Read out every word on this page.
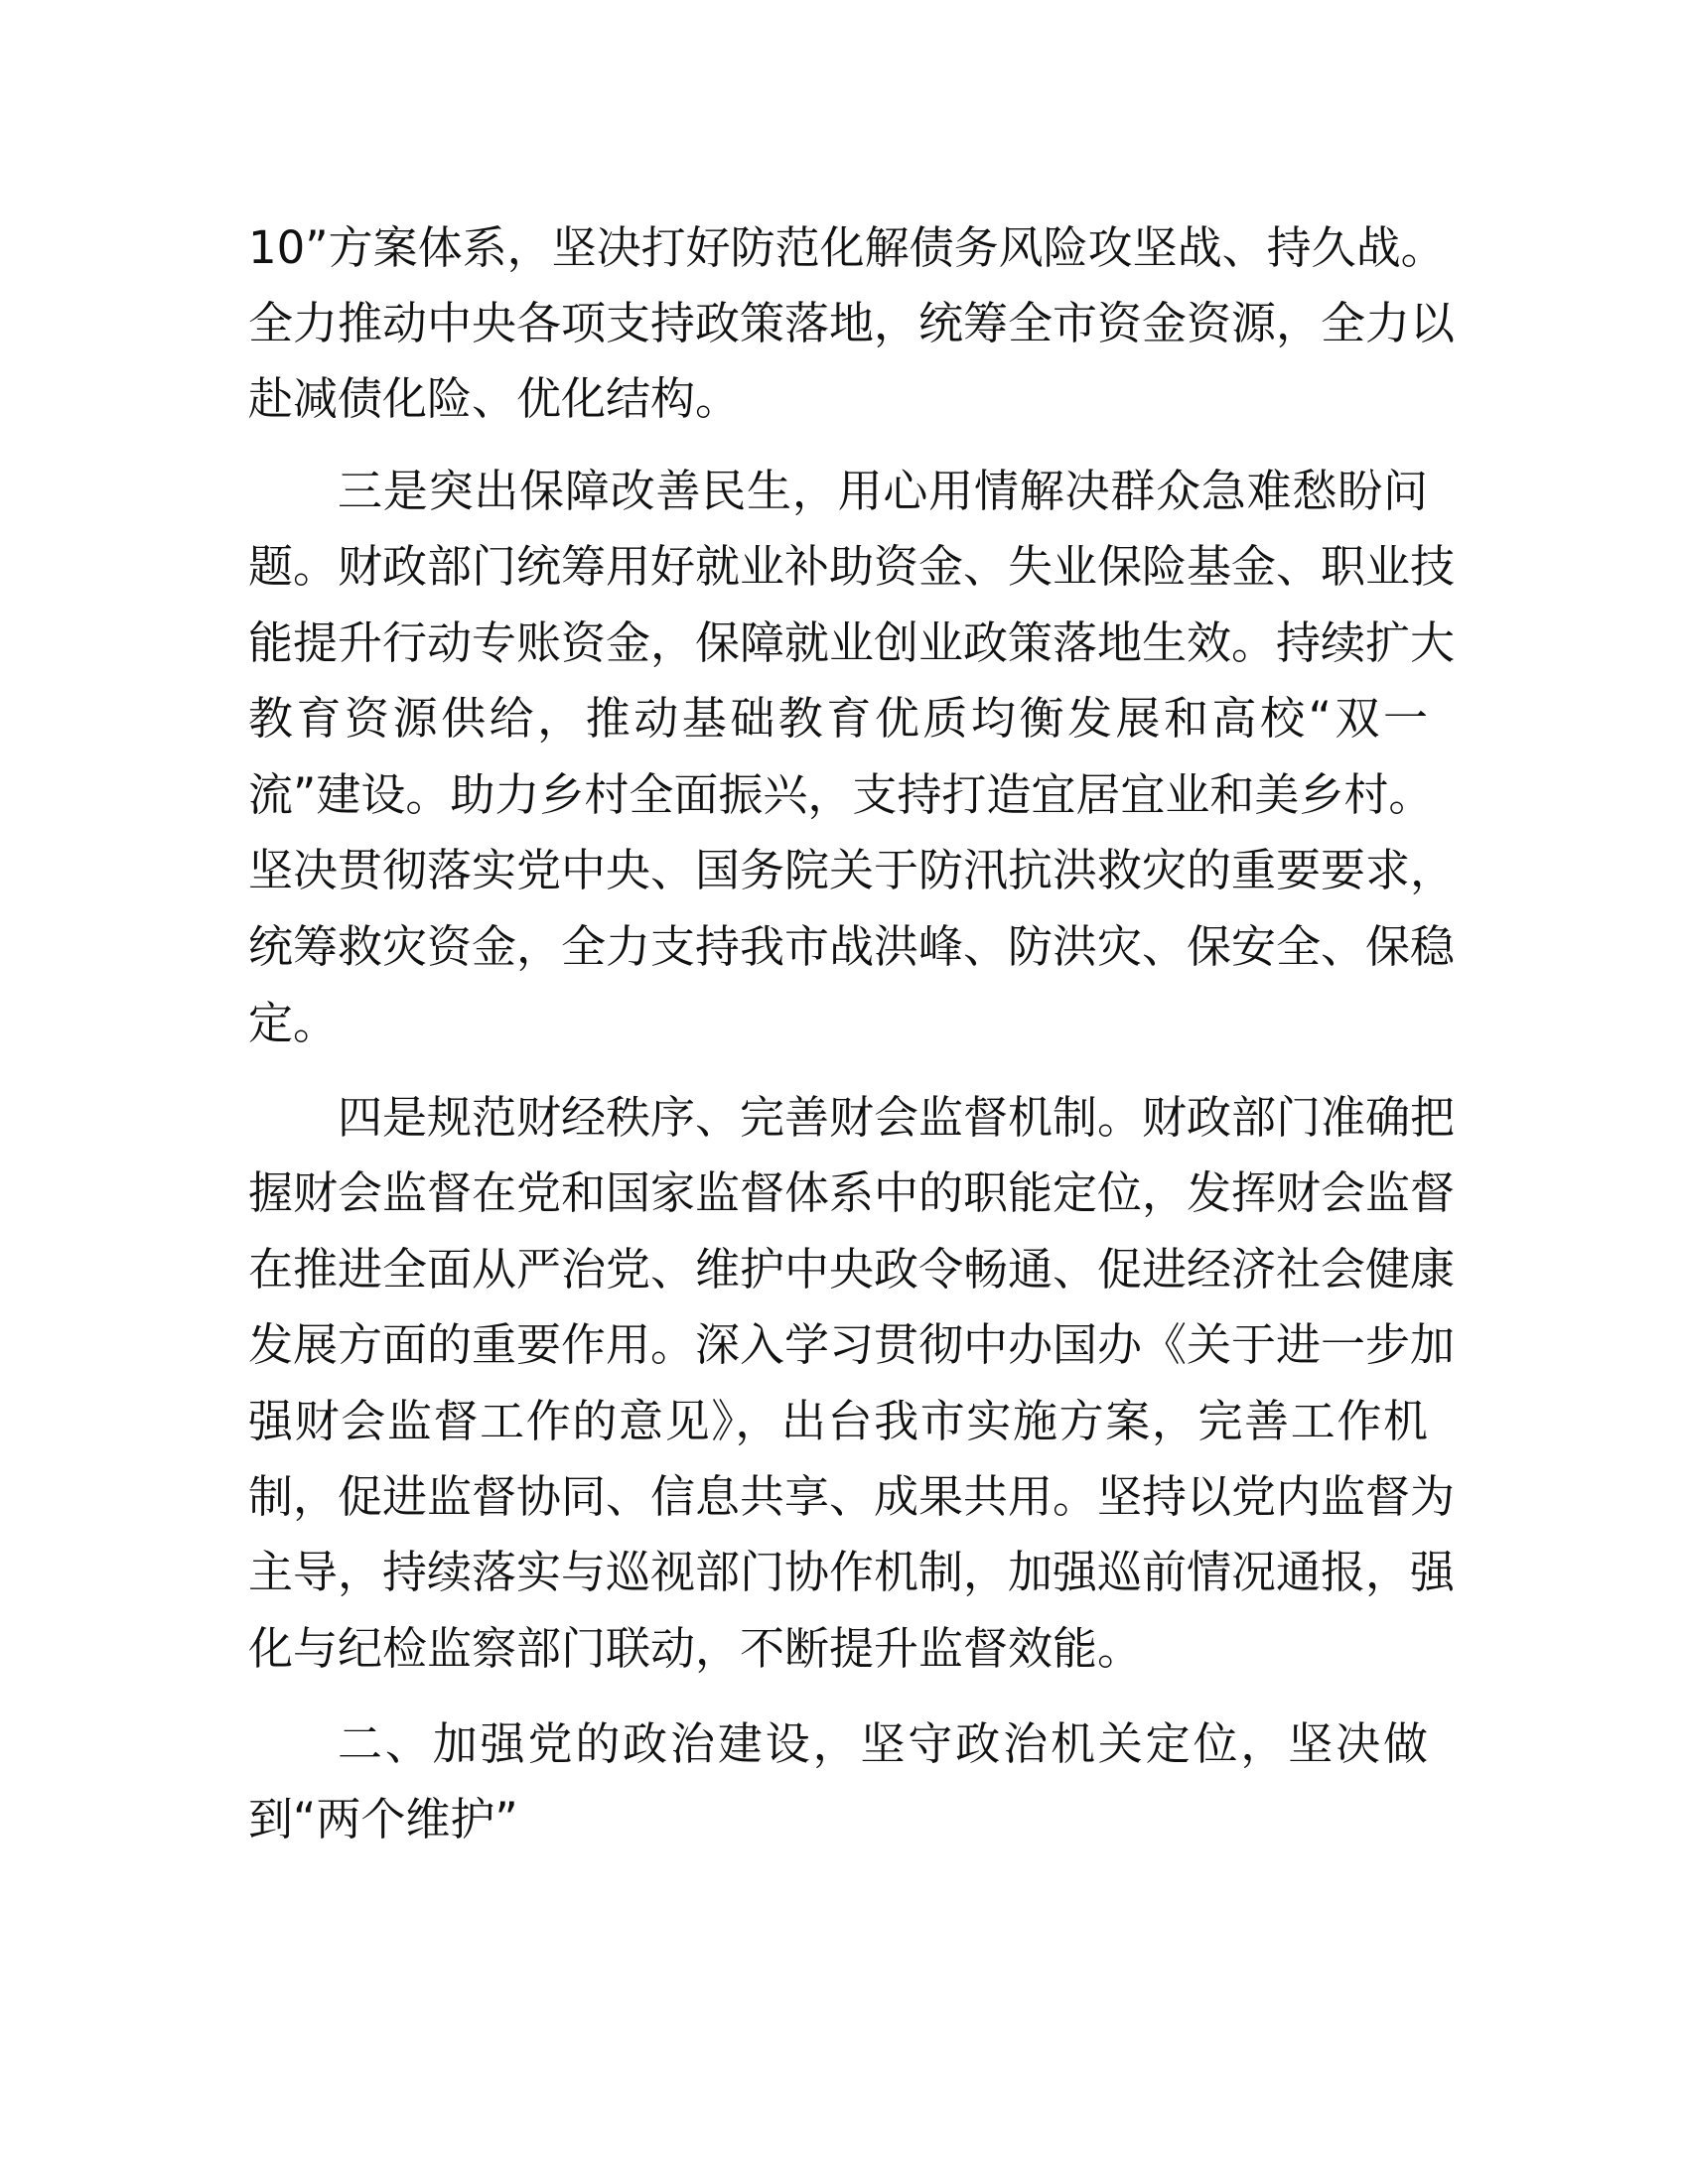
10”方案体系，坚决打好防范化解债务风险攻坚战、持久战。
全力推动中央各项支持政策落地，统筹全市资金资源，全力以
赴减债化险、优化结构。
三是突出保障改善民生，用心用情解决群众急难愁盼问
题。财政部门统筹用好就业补助资金、失业保险基金、职业技
能提升行动专账资金，保障就业创业政策落地生效。持续扩大
教育资源供给，推动基础教育优质均衡发展和高校“双一
流”建设。助力乡村全面振兴，支持打造宜居宜业和美乡村。
坚决贯彻落实党中央、国务院关于防汛抗洪救灾的重要要求，
统筹救灾资金，全力支持我市战洪峰、防洪灾、保安全、保稳
定。
四是规范财经秩序、完善财会监督机制。财政部门准确把
握财会监督在党和国家监督体系中的职能定位，发挥财会监督
在推进全面从严治党、维护中央政令畅通、促进经济社会健康
发展方面的重要作用。深入学习贯彻中办国办《关于进一步加
强财会监督工作的意见》，出台我市实施方案，完善工作机
制，促进监督协同、信息共享、成果共用。坚持以党内监督为
主导，持续落实与巡视部门协作机制，加强巡前情况通报，强
化与纪检监察部门联动，不断提升监督效能。
二、加强党的政治建设，坚守政治机关定位，坚决做
到“两个维护”
